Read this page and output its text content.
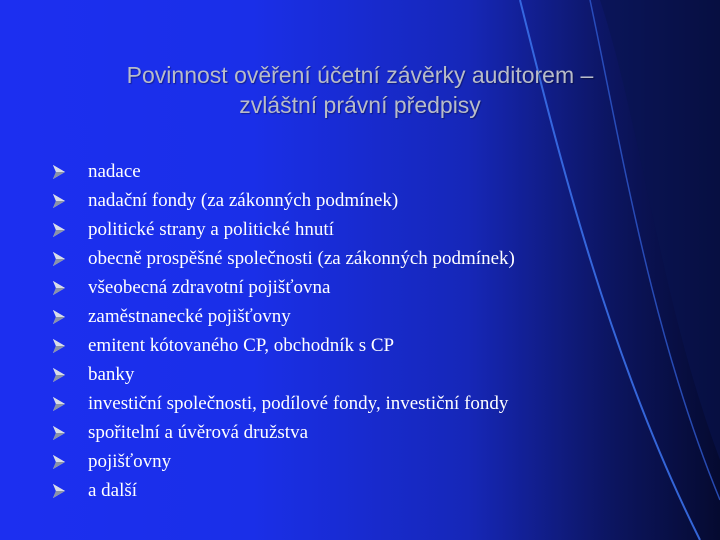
Povinnost ověření účetní závěrky auditorem –
zvláštní právní předpisy
nadace
nadační fondy (za zákonných podmínek)
politické strany a politické hnutí
obecně prospěšné společnosti (za zákonných podmínek)
všeobecná zdravotní pojišťovna
zaměstnanecké pojišťovny
emitent kótovaného CP, obchodník s CP
banky
investiční společnosti, podílové fondy, investiční fondy
spořitelní a úvěrová družstva
pojišťovny
a další
